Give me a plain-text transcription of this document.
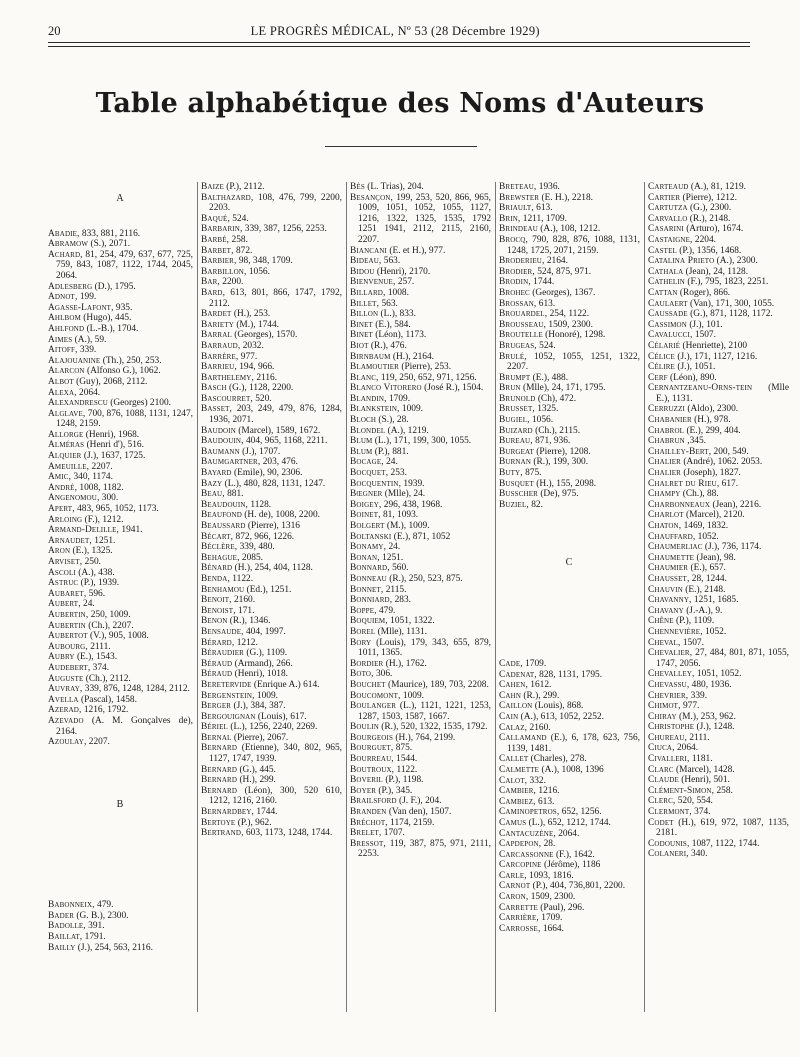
20	LE PROGRÈS MÉDICAL, Nº 53 (28 Décembre 1929)
Table alphabétique des Noms d'Auteurs
A
Abadie, 833, 881, 2116.
Abramow (S.), 2071.
Achard, 81, 254, 479, 637, 677, 725, 759, 843, 1087, 1122, 1744, 2045, 2064.
Adlesberg (D.), 1795.
Adnot, 199.
Agasse-Lafont, 935.
Ahlbom (Hugo), 445.
Ahlfond (L.-B.), 1704.
Aimes (A.), 59.
Aitoff, 339.
Alajouanine (Th.), 250, 253.
Alarcon (Alfonso G.), 1062.
Albot (Guy), 2068, 2112.
Alexa, 2064.
Alexandrescu (Georges) 2100.
Alglave, 700, 876, 1088, 1131, 1247, 1248, 2159.
Allorge (Henri), 1968.
Alméras (Henri d'), 516.
Alquier (J.), 1637, 1725.
Ameuille, 2207.
Amic, 340, 1174.
André, 1008, 1182.
Angenomou, 300.
Apert, 483, 965, 1052, 1173.
Arloing (F.), 1212.
Armand-Delille, 1941.
Arnaudet, 1251.
Aron (E.), 1325.
Arviset, 250.
Ascoli (A.), 438.
Astruc (P.), 1939.
Aubaret, 596.
Aubert, 24.
Aubertin, 250, 1009.
Aubertin (Ch.), 2207.
Aubertot (V.), 905, 1008.
Aubourg, 2111.
Aubry (E.), 1543.
Audebert, 374.
Auguste (Ch.), 2112.
Auvray, 339, 876, 1248, 1284, 2112.
Avella (Pascal), 1458.
Azerad, 1216, 1792.
Azevado (A. M. Gonçalves de), 2164.
Azoulay, 2207.
B
Babonneix, 479.
Bader (G. B.), 2300.
Badolle, 391.
Baillat, 1791.
Bailly (J.), 254, 563, 2116.
Baize (P.), 2112.
Balthazard, 108, 476, 799, 2200, 2203.
Baqué, 524.
Barbarin, 339, 387, 1256, 2253.
Barbé, 258.
Barbet, 872.
Barbier, 98, 348, 1709.
Barbillon, 1056.
Bar, 2200.
Bard, 613, 801, 866, 1747, 1792, 2112.
Bardet (H.), 253.
Bariety (M.), 1744.
Barral (Georges), 1570.
Barraud, 2032.
Barrère, 977.
Barrieu, 194, 966.
Barthelemy, 2116.
Basch (G.), 1128, 2200.
Bascourret, 520.
Basset, 203, 249, 479, 876, 1284, 1936, 2071.
Baudoin (Marcel), 1589, 1672.
Baudouin, 404, 965, 1168, 2211.
Baumann (J.), 1707.
Baumgartner, 203, 476.
Bayard (Emile), 90, 2306.
Bazy (L.), 480, 828, 1131, 1247.
Beau, 881.
Beaudouin, 1128.
Beaufond (H. de), 1008, 2200.
Beaussard (Pierre), 1316
Bécart, 872, 966, 1226.
Béclère, 339, 480.
Behague, 2085.
Bénard (H.), 254, 404, 1128.
Benda, 1122.
Benhamou (Ed.), 1251.
Benoit, 2160.
Benoist, 171.
Benon (R.), 1346.
Bensaude, 404, 1997.
Bérard, 1212.
Béraudier (G.), 1109.
Béraud (Armand), 266.
Béraud (Henri), 1018.
Beretervide (Enrique A.) 614.
Bergenstein, 1009.
Berger (J.), 384, 387.
Bergouignan (Louis), 617.
Bériel (L.), 1256, 2240, 2269.
Bernal (Pierre), 2067.
Bernard (Etienne), 340, 802, 965, 1127, 1747, 1939.
Bernard (G.), 445.
Bernard (H.), 299.
Bernard (Léon), 300, 520 610, 1212, 1216, 2160.
Bernardbey, 1744.
Bertoye (P.), 962.
Bertrand, 603, 1173, 1248, 1744.
Bès (L. Trias), 204.
Besançon, 199, 253, 520, 866, 965, 1009, 1051, 1052, 1055, 1127, 1216, 1322, 1325, 1535, 1792 1251 1941, 2112, 2115, 2160, 2207.
Biancani (E. et H.), 977.
Bideau, 563.
Bidou (Henri), 2170.
Bienvenue, 257.
Billard, 1008.
Billet, 563.
Billon (L.), 833.
Binet (E.), 584.
Binet (Léon), 1173.
Biot (R.), 476.
Birnbaum (H.), 2164.
Blamoutier (Pierre), 253.
Blanc, 119, 250, 652, 971, 1256.
Blanco Vitorero (José R.), 1504.
Blandin, 1709.
Blankstein, 1009.
Bloch (S.), 28.
Blondel (A.), 1219.
Blum (L.), 171, 199, 300, 1055.
Blum (P.), 881.
Bocage, 24.
Bocquet, 253.
Bocquentin, 1939.
Bœgner (Mlle), 24.
Boigey, 296, 438, 1968.
Boinet, 81, 1093.
Bolgert (M.), 1009.
Boltanski (E.), 871, 1052
Bonamy, 24.
Bonan, 1251.
Bonnard, 560.
Bonneau (R.), 250, 523, 875.
Bonnet, 2115.
Bonniard, 283.
Boppe, 479.
Boquiem, 1051, 1322.
Borel (Mlle), 1131.
Bory (Louis), 179, 343, 655, 879, 1011, 1365.
Bordier (H.), 1762.
Boto, 306.
Bouchet (Maurice), 189, 703, 2208.
Boucomont, 1009.
Boulanger (L.), 1121, 1221, 1253, 1287, 1503, 1587, 1667.
Boulin (R.), 520, 1322, 1535, 1792.
Bourgeois (H.), 764, 2199.
Bourguet, 875.
Bourreau, 1544.
Boutroux, 1122.
Boveril (P.), 1198.
Boyer (P.), 345.
Brailsford (J. F.), 204.
Branden (Van den), 1507.
Bréchot, 1174, 2159.
Brelet, 1707.
Bressot, 119, 387, 875, 971, 2111, 2253.
Breteau, 1936.
Brewster (E. H.), 2218.
Briault, 613.
Brin, 1211, 1709.
Brindeau (A.), 108, 1212.
Brocq, 790, 828, 876, 1088, 1131, 1248, 1725, 2071, 2159.
Broderieu, 2164.
Brodier, 524, 875, 971.
Brodin, 1744.
Brohec (Georges), 1367.
Brossan, 613.
Brouardel, 254, 1122.
Brousseau, 1509, 2300.
Broutelle (Honoré), 1298.
Brugeas, 524.
Brulé, 1052, 1055, 1251, 1322, 2207.
Brumpt (E.), 488.
Brun (Mlle), 24, 171, 1795.
Brunold (Ch), 472.
Brusset, 1325.
Bugiel, 1056.
Buizard (Ch.), 2115.
Bureau, 871, 936.
Burgeat (Pierre), 1208.
Burnan (R.), 199, 300.
Buty, 875.
Busquet (H.), 155, 2098.
Busscher (De), 975.
Buziel, 82.
C
Cade, 1709.
Cadenat, 828, 1131, 1795.
Cahen, 1612.
Cahn (R.), 299.
Caillon (Louis), 868.
Cain (A.), 613, 1052, 2252.
Calaz, 2160.
Callamand (E.), 6, 178, 623, 756, 1139, 1481.
Callet (Charles), 278.
Calmette (A.), 1008, 1396
Calot, 332.
Cambier, 1216.
Cambiez, 613.
Caminopetros, 652, 1256.
Camus (L.), 652, 1212, 1744.
Cantacuzène, 2064.
Capdepon, 28.
Carcassonne (F.), 1642.
Carcopine (Jérôme), 1186
Carle, 1093, 1816.
Carnot (P.), 404, 736,801, 2200.
Caron, 1509, 2300.
Carrette (Paul), 296.
Carrière, 1709.
Carrosse, 1664.
Carteaud (A.), 81, 1219.
Cartier (Pierre), 1212.
Cartutza (G.), 2300.
Carvallo (R.), 2148.
Casarini (Arturo), 1674.
Castaigne, 2204.
Castel (P.), 1356, 1468.
Catalina Prieto (A.), 2300.
Cathala (Jean), 24, 1128.
Cathelin (F.), 795, 1823, 2251.
Cattan (Roger), 866.
Caulaert (Van), 171, 300, 1055.
Caussade (G.), 871, 1128, 1172.
Cassimon (J.), 101.
Cavalucci, 1507.
Célarié (Henriette), 2100
Célice (J.), 171, 1127, 1216.
Célire (J.), 1051.
Cerf (Léon), 890.
Cernantzeanu-Orns-tein (Mlle E.), 1131.
Cerruzzi (Aldo), 2300.
Chabanier (H.), 978.
Chabrol (E.), 299, 404.
Chabrun ,345.
Chailley-Bert, 200, 549.
Chalier (André), 1062. 2053.
Chalier (Joseph), 1827.
Chalret du Rieu, 617.
Champy (Ch.), 88.
Charbonneaux (Jean), 2216.
Charlot (Marcel), 2120.
Chaton, 1469, 1832.
Chauffard, 1052.
Chaumerliac (J.), 736, 1174.
Chaumette (Jean), 98.
Chaumier (E.), 657.
Chausset, 28, 1244.
Chauvin (E.), 2148.
Chavanny, 1251, 1685.
Chavany (J.-A.), 9.
Chêne (P.), 1109.
Chennevière, 1052.
Cheval, 1507.
Chevalier, 27, 484, 801, 871, 1055, 1747, 2056.
Chevalley, 1051, 1052.
Chevassu, 480, 1936.
Chevrier, 339.
Chimot, 977.
Chiray (M.), 253, 962.
Christophe (J.), 1248.
Chureau, 2111.
Ciuca, 2064.
Civalleri, 1181.
Clarc (Marcel), 1428.
Claude (Henri), 501.
Clément-Simon, 258.
Clerc, 520, 554.
Clermont, 374.
Codet (H.), 619, 972, 1087, 1135, 2181.
Codounis, 1087, 1122, 1744.
Colaneri, 340.
